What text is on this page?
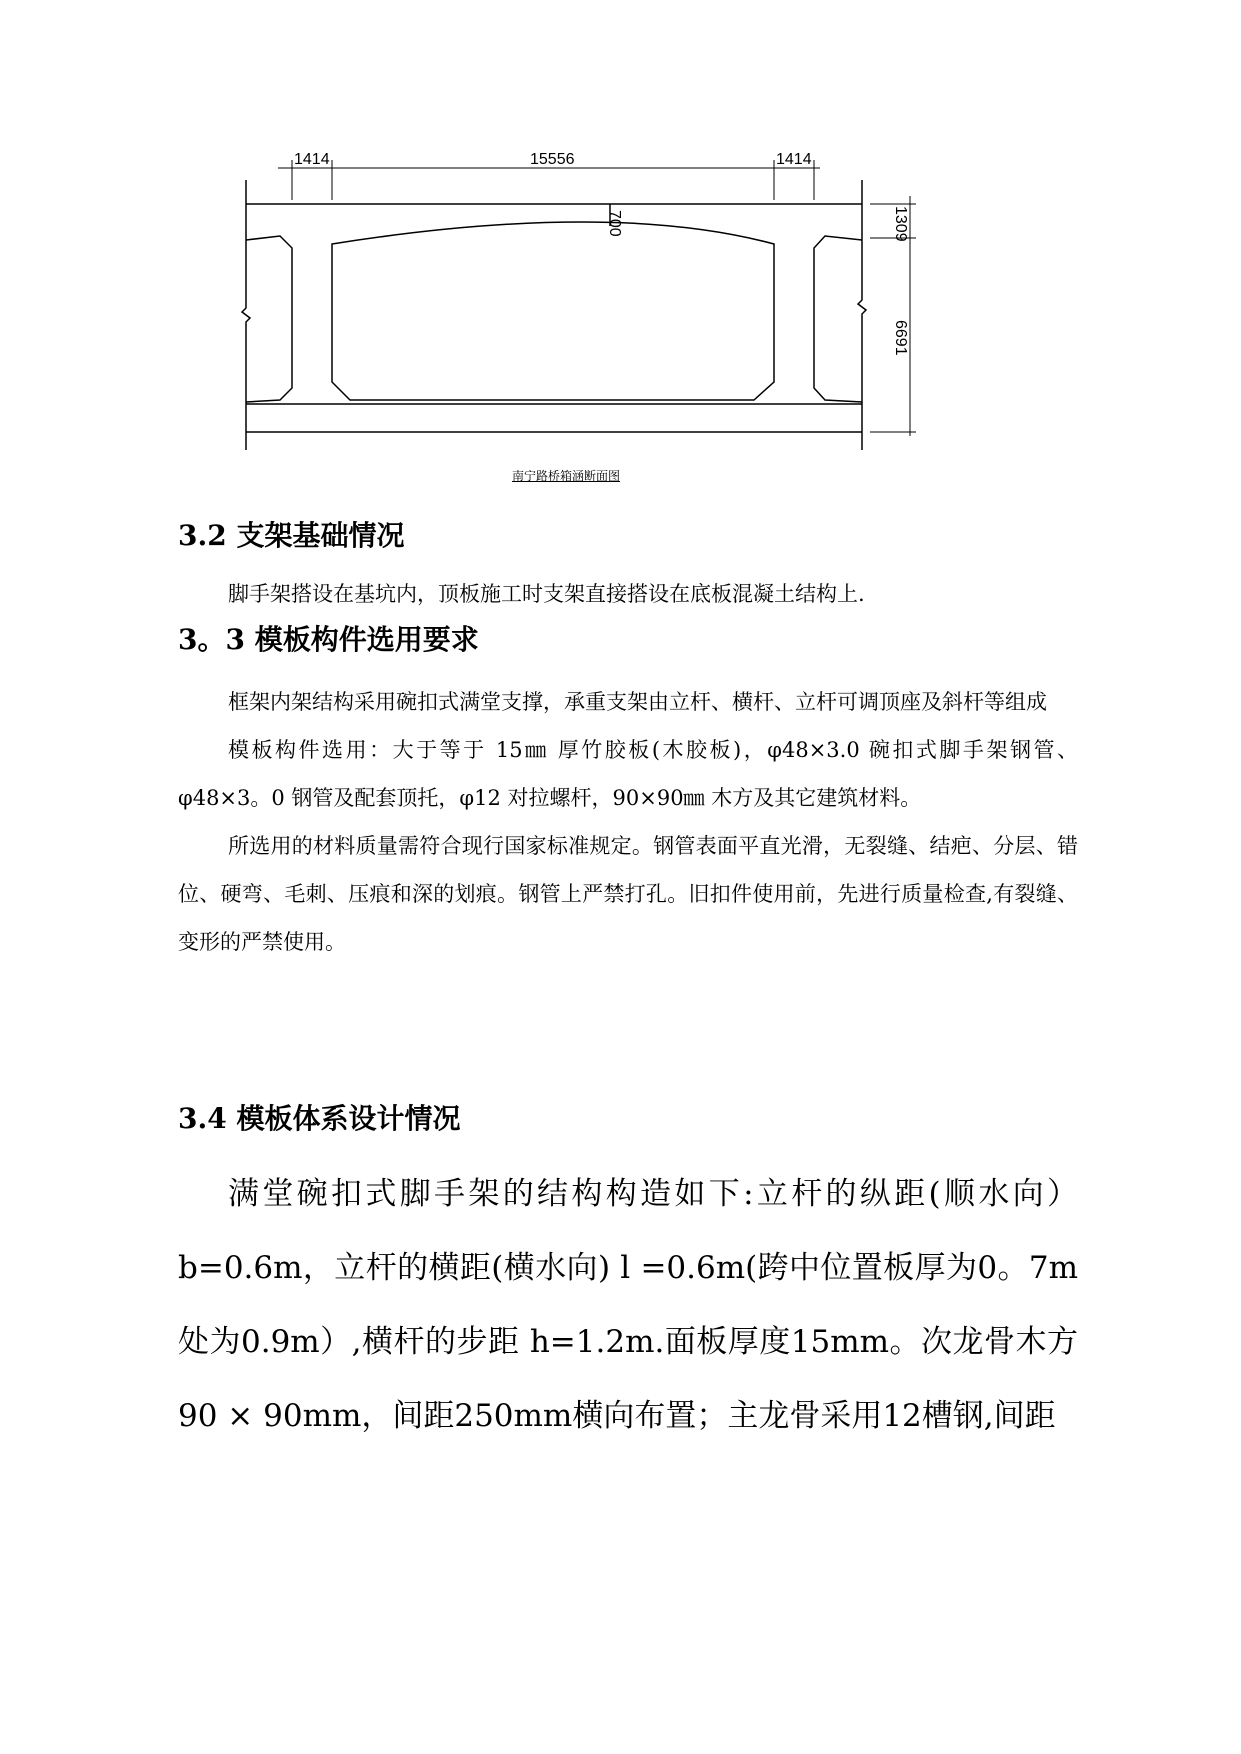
1414	15556	1414
700	1309
6691
南宁路桥箱涵断面图
3.2 支架基础情况

脚手架搭设在基坑内，顶板施工时支架直接搭设在底板混凝土结构上.

3。3 模板构件选用要求

框架内架结构采用碗扣式满堂支撑，承重支架由立杆、横杆、立杆可调顶座及斜杆等组成

模板构件选用：大于等于 15㎜ 厚竹胶板(木胶板)，φ48×3.0 碗扣式脚手架钢管、φ48×3。0 钢管及配套顶托，φ12 对拉螺杆，90×90㎜ 木方及其它建筑材料。

所选用的材料质量需符合现行国家标准规定。钢管表面平直光滑，无裂缝、结疤、分层、错位、硬弯、毛刺、压痕和深的划痕。钢管上严禁打孔。旧扣件使用前，先进行质量检查,有裂缝、变形的严禁使用。

3.4 模板体系设计情况

满堂碗扣式脚手架的结构构造如下:立杆的纵距(顺水向）b=0.6m，立杆的横距(横水向) l =0.6m(跨中位置板厚为0。7m处为0.9m）,横杆的步距 h=1.2m.面板厚度15mm。次龙骨木方90 × 90mm，间距250mm横向布置；主龙骨采用12槽钢,间距
